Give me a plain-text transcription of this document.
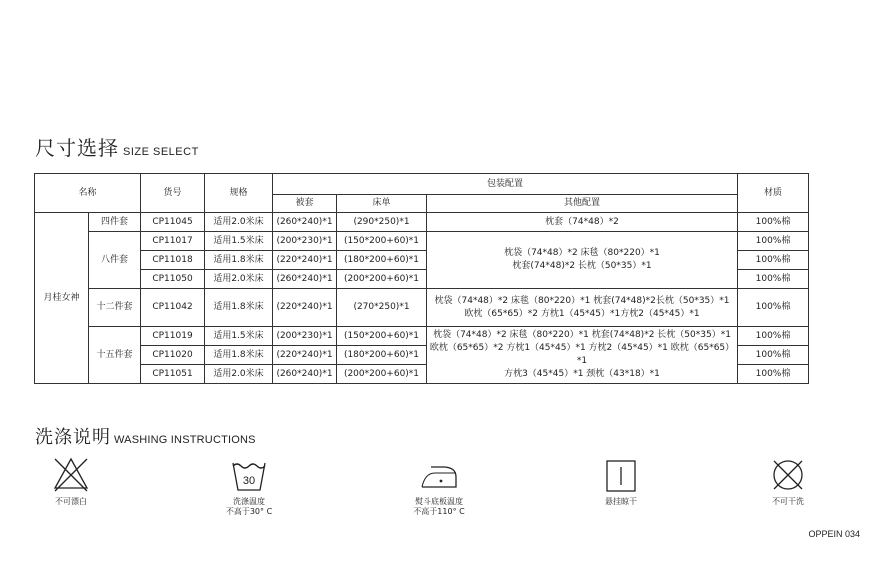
尺寸选择 SIZE SELECT
名称		货号	规格	包装配置			材质
				被套	床单	其他配置	
月桂女神	四件套	CP11045	适用2.0米床	(260*240)*1	(290*250)*1	枕套（74*48）*2	100%棉
	八件套	CP11017	适用1.5米床	(200*230)*1	(150*200+60)*1	枕袋（74*48）*2 床毯（80*220）*1
枕套(74*48)*2 长枕（50*35）*1	100%棉
		CP11018	适用1.8米床	(220*240)*1	(180*200+60)*1		100%棉
		CP11050	适用2.0米床	(260*240)*1	(200*200+60)*1		100%棉
	十二件套	CP11042	适用1.8米床	(220*240)*1	(270*250)*1	枕袋（74*48）*2 床毯（80*220）*1 枕套(74*48)*2长枕（50*35）*1
欧枕（65*65）*2 方枕1（45*45）*1方枕2（45*45）*1	100%棉
	十五件套	CP11019	适用1.5米床	(200*230)*1	(150*200+60)*1	枕袋（74*48）*2 床毯（80*220）*1 枕套(74*48)*2 长枕（50*35）*1
欧枕（65*65）*2 方枕1（45*45）*1 方枕2（45*45）*1 欧枕（65*65）*1
方枕3（45*45）*1 颈枕（43*18）*1	100%棉
		CP11020	适用1.8米床	(220*240)*1	(180*200+60)*1		100%棉
		CP11051	适用2.0米床	(260*240)*1	(200*200+60)*1		100%棉
洗涤说明 WASHING INSTRUCTIONS
不可漂白
30
洗涤温度
不高于30° C
熨斗底板温度
不高于110° C
悬挂晾干	不可干洗
OPPEIN 034
